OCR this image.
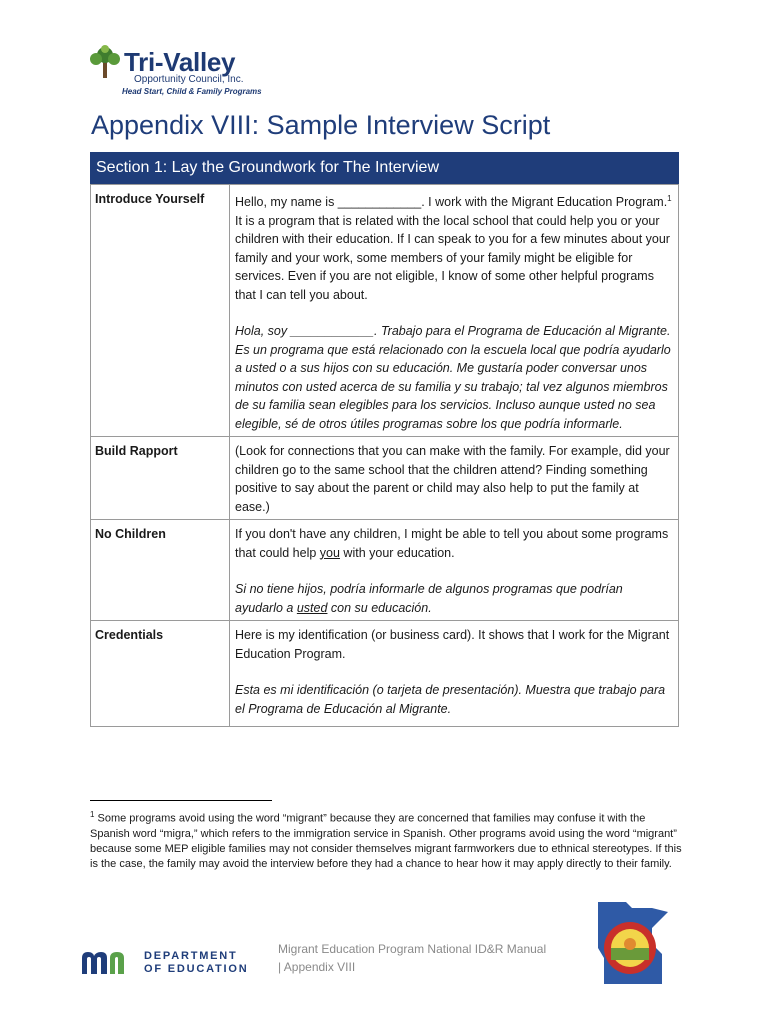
Tri-Valley
Opportunity Council, Inc.
Head Start, Child & Family Programs
Appendix VIII: Sample Interview Script
Section 1: Lay the Groundwork for The Interview
Introduce Yourself	Hello, my name is ____________. I work with the Migrant Education Program.$^1$ It is a program that is related with the local school that could help you or your children with their education. If I can speak to you for a few minutes about your family and your work, some members of your family might be eligible for services. Even if you are not eligible, I know of some other helpful programs that I can tell you about.

Hola, soy ____________. Trabajo para el Programa de Educación al Migrante. Es un programa que está relacionado con la escuela local que podría ayudarlo a usted o a sus hijos con su educación. Me gustaría poder conversar unos minutos con usted acerca de su familia y su trabajo; tal vez algunos miembros de su familia sean elegibles para los servicios. Incluso aunque usted no sea elegible, sé de otros útiles programas sobre los que podría informarle.

Build Rapport	(Look for connections that you can make with the family. For example, did your children go to the same school that the children attend? Finding something positive to say about the parent or child may also help to put the family at ease.)

No Children	If you don't have any children, I might be able to tell you about some programs that could help you with your education.

Si no tiene hijos, podría informarle de algunos programas que podrían ayudarlo a usted con su educación.

Credentials	Here is my identification (or business card). It shows that I work for the Migrant Education Program.

Esta es mi identificación (o tarjeta de presentación). Muestra que trabajo para el Programa de Educación al Migrante.

$^1$ Some programs avoid using the word “migrant” because they are concerned that families may confuse it with the Spanish word “migra,” which refers to the immigration service in Spanish. Other programs avoid using the word “migrant” because some MEP eligible families may not consider themselves migrant farmworkers due to ethnical stereotypes. If this is the case, the family may avoid the interview before they had a chance to hear how it may apply directly to their family.
DEPARTMENT
OF EDUCATION
Migrant Education Program National ID&R Manual
| Appendix VIII
